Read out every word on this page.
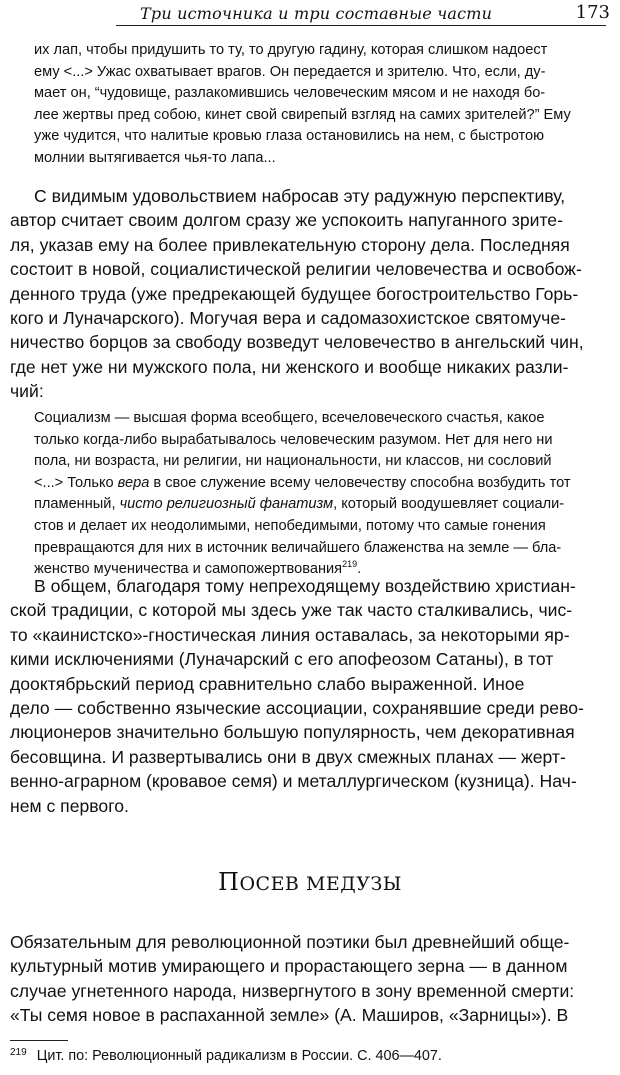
Три источника и три составные части	173
их лап, чтобы придушить то ту, то другую гадину, которая слишком надоест
ему <...> Ужас охватывает врагов. Он передается и зрителю. Что, если, ду-
мает он, “чудовище, разлакомившись человеческим мясом и не находя бо-
лее жертвы пред собою, кинет свой свирепый взгляд на самих зрителей?” Ему
уже чудится, что налитые кровью глаза остановились на нем, с быстротою
молнии вытягивается чья-то лапа...
С видимым удовольствием набросав эту радужную перспективу,
автор считает своим долгом сразу же успокоить напуганного зрите-
ля, указав ему на более привлекательную сторону дела. Последняя
состоит в новой, социалистической религии человечества и освобож-
денного труда (уже предрекающей будущее богостроительство Горь-
кого и Луначарского). Могучая вера и садомазохистское святомуче-
ничество борцов за свободу возведут человечество в ангельский чин,
где нет уже ни мужского пола, ни женского и вообще никаких разли-
чий:
Социализм — высшая форма всеобщего, всечеловеческого счастья, какое
только когда-либо вырабатывалось человеческим разумом. Нет для него ни
пола, ни возраста, ни религии, ни национальности, ни классов, ни сословий
<...> Только вера в свое служение всему человечеству способна возбудить тот
пламенный, чисто религиозный фанатизм, который воодушевляет социали-
стов и делает их неодолимыми, непобедимыми, потому что самые гонения
превращаются для них в источник величайшего блаженства на земле — бла-
женство мученичества и самопожертвования$^{219}$.
В общем, благодаря тому непреходящему воздействию христиан-
ской традиции, с которой мы здесь уже так часто сталкивались, чис-
то «каинистско»-гностическая линия оставалась, за некоторыми яр-
кими исключениями (Луначарский с его апофеозом Сатаны), в тот
дооктябрьский период сравнительно слабо выраженной. Иное
дело — собственно языческие ассоциации, сохранявшие среди рево-
люционеров значительно большую популярность, чем декоративная
бесовщина. И развертывались они в двух смежных планах — жерт-
венно-аграрном (кровавое семя) и металлургическом (кузница). Нач-
нем с первого.
ПОСЕВ МЕДУЗЫ
Обязательным для революционной поэтики был древнейший обще-
культурный мотив умирающего и прорастающего зерна — в данном
случае угнетенного народа, низвергнутого в зону временной смерти:
«Ты семя новое в распаханной земле» (А. Маширов, «Зарницы»). В
$^{219}$ Цит. по: Революционный радикализм в России. С. 406—407.
